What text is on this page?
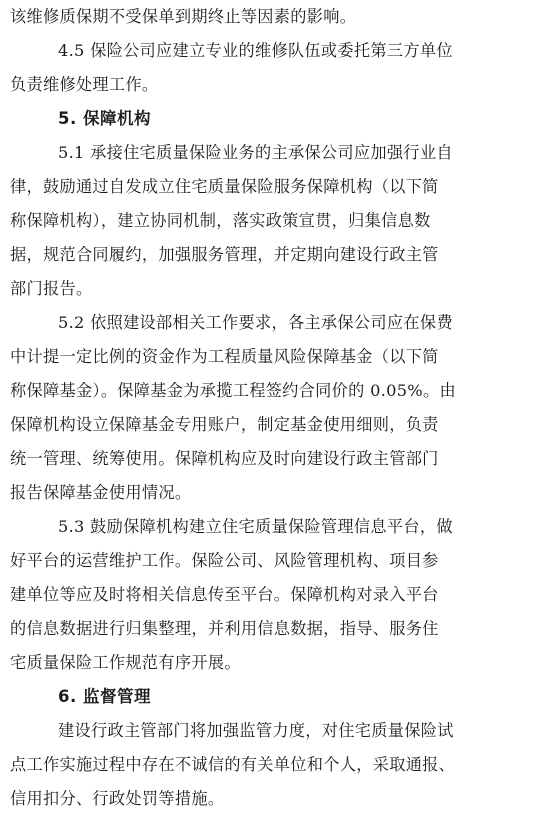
该维修质保期不受保单到期终止等因素的影响。
4.5 保险公司应建立专业的维修队伍或委托第三方单位
负责维修处理工作。
5. 保障机构
5.1 承接住宅质量保险业务的主承保公司应加强行业自
律，鼓励通过自发成立住宅质量保险服务保障机构（以下简
称保障机构），建立协同机制，落实政策宣贯，归集信息数
据，规范合同履约，加强服务管理，并定期向建设行政主管
部门报告。
5.2 依照建设部相关工作要求，各主承保公司应在保费
中计提一定比例的资金作为工程质量风险保障基金（以下简
称保障基金）。保障基金为承揽工程签约合同价的 0.05%。由
保障机构设立保障基金专用账户，制定基金使用细则，负责
统一管理、统筹使用。保障机构应及时向建设行政主管部门
报告保障基金使用情况。
5.3 鼓励保障机构建立住宅质量保险管理信息平台，做
好平台的运营维护工作。保险公司、风险管理机构、项目参
建单位等应及时将相关信息传至平台。保障机构对录入平台
的信息数据进行归集整理，并利用信息数据，指导、服务住
宅质量保险工作规范有序开展。
6. 监督管理
建设行政主管部门将加强监管力度，对住宅质量保险试
点工作实施过程中存在不诚信的有关单位和个人，采取通报、
信用扣分、行政处罚等措施。
